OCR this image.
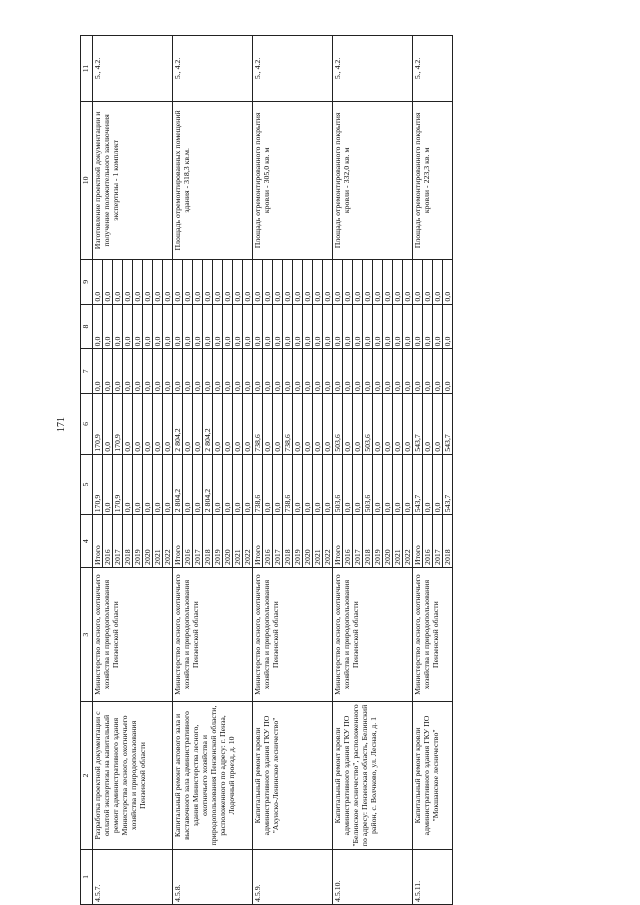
171
1	2	3	4	5	6	7	8	9	10	11
4.5.7.	Разработка проектной документации с оплатой экспертизы на капитальный ремонт административного здания Министерства лесного, охотничьего хозяйства и природопользования Пензенской области	Министерство лесного, охотничьего хозяйства и природопользования Пензенской области	Итого	170,9	170,9	0,0	0,0	0,0	Изготовление проектной документации и получение положительного заключения экспертизы - 1 комплект	5., 4.2.
			2016	0,0	0,0	0,0	0,0	0,0		
			2017	170,9	170,9	0,0	0,0	0,0		
			2018	0,0	0,0	0,0	0,0	0,0		
			2019	0,0	0,0	0,0	0,0	0,0		
			2020	0,0	0,0	0,0	0,0	0,0		
			2021	0,0	0,0	0,0	0,0	0,0		
			2022	0,0	0,0	0,0	0,0	0,0		
4.5.8.	Капитальный ремонт актового зала и выставочного зала административного здания Министерства лесного, охотничьего хозяйства и природопользования Пензенской области, расположенного по адресу: г. Пенза, Лодочный проезд, д. 10	Министерство лесного, охотничьего хозяйства и природопользования Пензенской области	Итого	2 804,2	2 804,2	0,0	0,0	0,0	Площадь отремонтированных помещений здания - 318,3 кв.м.	5., 4.2.
			2016	0,0	0,0	0,0	0,0	0,0		
			2017	0,0	0,0	0,0	0,0	0,0		
			2018	2 804,2	2 804,2	0,0	0,0	0,0		
			2019	0,0	0,0	0,0	0,0	0,0		
			2020	0,0	0,0	0,0	0,0	0,0		
			2021	0,0	0,0	0,0	0,0	0,0		
			2022	0,0	0,0	0,0	0,0	0,0		
4.5.9.	Капитальный ремонт кровли административного здания ГКУ ПО "Ахунско-Ленинское лесничество"	Министерство лесного, охотничьего хозяйства и природопользования Пензенской области	Итого	738,6	738,6	0,0	0,0	0,0	Площадь отремонтированного покрытия кровли - 305,0 кв. м	5., 4.2.
			2016	0,0	0,0	0,0	0,0	0,0		
			2017	0,0	0,0	0,0	0,0	0,0		
			2018	738,6	738,6	0,0	0,0	0,0		
			2019	0,0	0,0	0,0	0,0	0,0		
			2020	0,0	0,0	0,0	0,0	0,0		
			2021	0,0	0,0	0,0	0,0	0,0		
			2022	0,0	0,0	0,0	0,0	0,0		
4.5.10.	Капитальный ремонт кровли административного здания ГКУ ПО "Белинское лесничество", расположенного по адресу: Пензенская область, Белинский район, с. Волчково, ул. Лесная, д. 1	Министерство лесного, охотничьего хозяйства и природопользования Пензенской области	Итого	503,6	503,6	0,0	0,0	0,0	Площадь отремонтированного покрытия кровли - 332,0 кв. м	5., 4.2.
			2016	0,0	0,0	0,0	0,0	0,0		
			2017	0,0	0,0	0,0	0,0	0,0		
			2018	503,6	503,6	0,0	0,0	0,0		
			2019	0,0	0,0	0,0	0,0	0,0		
			2020	0,0	0,0	0,0	0,0	0,0		
			2021	0,0	0,0	0,0	0,0	0,0		
			2022	0,0	0,0	0,0	0,0	0,0		
4.5.11.	Капитальный ремонт кровли административного здания ГКУ ПО "Мокшанское лесничество"	Министерство лесного, охотничьего хозяйства и природопользования Пензенской области	Итого	543,7	543,7	0,0	0,0	0,0	Площадь отремонтированного покрытия кровли - 223,3 кв. м	5., 4.2.
			2016	0,0	0,0	0,0	0,0	0,0		
			2017	0,0	0,0	0,0	0,0	0,0		
			2018	543,7	543,7	0,0	0,0	0,0		
